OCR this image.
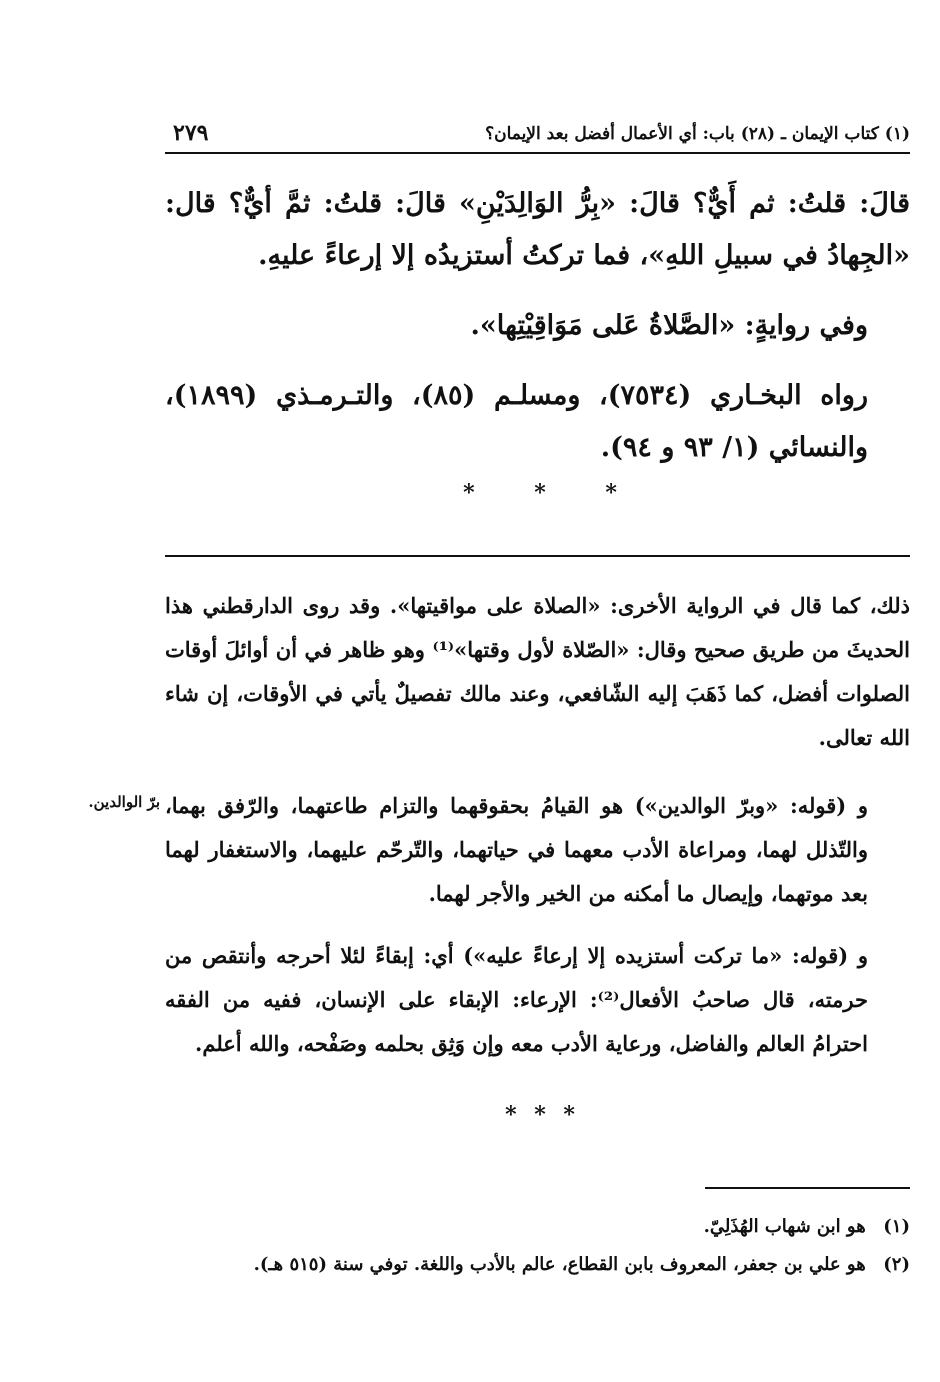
(١) كتاب الإيمان ـ (٢٨) باب: أي الأعمال أفضل بعد الإيمان؟
٢٧٩

قالَ: قلتُ: ثم أَيٌّ؟ قالَ: «بِرُّ الوَالِدَيْنِ» قالَ: قلتُ: ثمَّ أيٌّ؟ قال: «الجِهادُ في سبيلِ اللهِ»، فما تركتُ أستزيدُه إلا إرعاءً عليهِ.

وفي روايةٍ: «الصَّلاةُ عَلى مَوَاقِيْتِها».

رواه البخـاري (٧٥٣٤)، ومسلـم (٨٥)، والتـرمـذي (١٨٩٩)، والنسائي (١/ ٩٣ و ٩٤).

* * *

ذلك، كما قال في الرواية الأخرى: «الصلاة على مواقيتها». وقد روى الدارقطني هذا الحديثَ من طريق صحيح وقال: «الصّلاة لأول وقتها»⁽¹⁾ وهو ظاهر في أن أوائلَ أوقات الصلوات أفضل، كما ذَهَبَ إليه الشّافعي، وعند مالك تفصيلٌ يأتي في الأوقات، إن شاء الله تعالى.

برّ الوالدين. و (قوله: «وبرّ الوالدين») هو القيامُ بحقوقهما والتزام طاعتهما، والرّفق بهما، والتّذلل لهما، ومراعاة الأدب معهما في حياتهما، والتّرحّم عليهما، والاستغفار لهما بعد موتهما، وإيصال ما أمكنه من الخير والأجر لهما.

و (قوله: «ما تركت أستزيده إلا إرعاءً عليه») أي: إبقاءً لئلا أحرجه وأنتقص من حرمته، قال صاحبُ الأفعال⁽²⁾: الإرعاء: الإبقاء على الإنسان، ففيه من الفقه احترامُ العالم والفاضل، ورعاية الأدب معه وإن وَثِق بحلمه وصَفْحه، والله أعلم.

* * *

(١) هو ابن شهاب الهُذَلِيّ.

(٢) هو علي بن جعفر، المعروف بابن القطاع، عالم بالأدب واللغة. توفي سنة (٥١٥ هـ).
